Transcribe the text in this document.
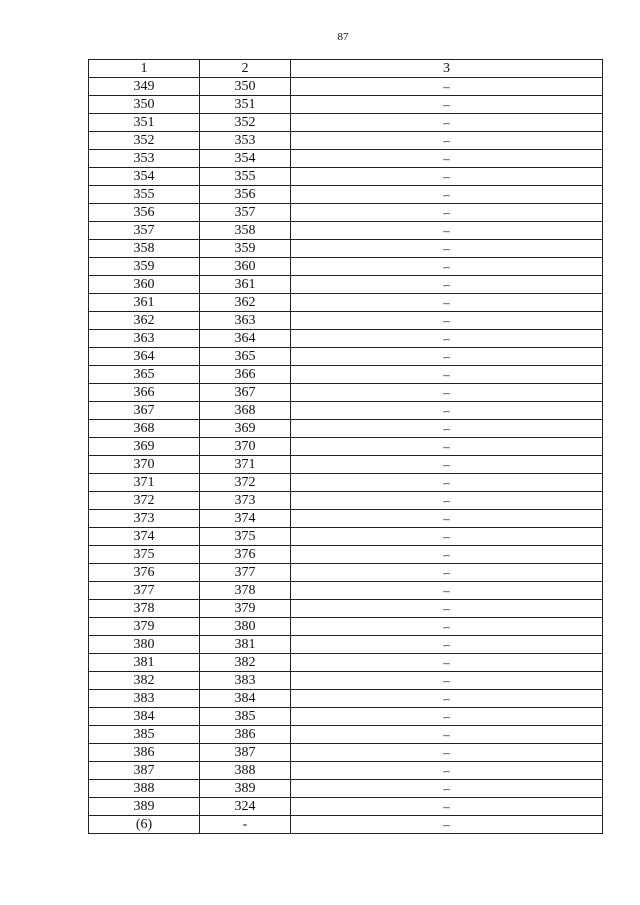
87
1	2	3
349	350	–
350	351	–
351	352	–
352	353	–
353	354	–
354	355	–
355	356	–
356	357	–
357	358	–
358	359	–
359	360	–
360	361	–
361	362	–
362	363	–
363	364	–
364	365	–
365	366	–
366	367	–
367	368	–
368	369	–
369	370	–
370	371	–
371	372	–
372	373	–
373	374	–
374	375	–
375	376	–
376	377	–
377	378	–
378	379	–
379	380	–
380	381	–
381	382	–
382	383	–
383	384	–
384	385	–
385	386	–
386	387	–
387	388	–
388	389	–
389	324	–
(6)	-	–
